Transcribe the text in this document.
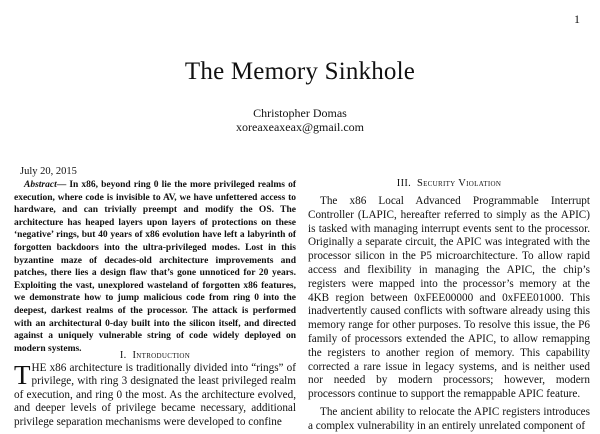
1
The Memory Sinkhole
Christopher Domas
xoreaxeaxeax@gmail.com
July 20, 2015
Abstract— In x86, beyond ring 0 lie the more privileged realms of execution, where code is invisible to AV, we have unfettered access to hardware, and can trivially preempt and modify the OS. The architecture has heaped layers upon layers of protections on these ‘negative’ rings, but 40 years of x86 evolution have left a labyrinth of forgotten backdoors into the ultra-privileged modes. Lost in this byzantine maze of decades-old architecture improvements and patches, there lies a design flaw that’s gone unnoticed for 20 years. Exploiting the vast, unexplored wasteland of forgotten x86 features, we demonstrate how to jump malicious code from ring 0 into the deepest, darkest realms of the processor. The attack is performed with an architectural 0-day built into the silicon itself, and directed against a uniquely vulnerable string of code widely deployed on modern systems.
I. Introduction
THE x86 architecture is traditionally divided into “rings” of privilege, with ring 3 designated the least privileged realm of execution, and ring 0 the most. As the architecture evolved, and deeper levels of privilege became necessary, additional privilege separation mechanisms were developed to confine
III. Security Violation

The x86 Local Advanced Programmable Interrupt Controller (LAPIC, hereafter referred to simply as the APIC) is tasked with managing interrupt events sent to the processor. Originally a separate circuit, the APIC was integrated with the processor silicon in the P5 microarchitecture. To allow rapid access and flexibility in managing the APIC, the chip’s registers were mapped into the processor’s memory at the 4KB region between 0xFEE00000 and 0xFEE01000. This inadvertently caused conflicts with software already using this memory range for other purposes. To resolve this issue, the P6 family of processors extended the APIC, to allow remapping the registers to another region of memory. This capability corrected a rare issue in legacy systems, and is neither used nor needed by modern processors; however, modern processors continue to support the remappable APIC feature.

The ancient ability to relocate the APIC registers introduces a complex vulnerability in an entirely unrelated component of
